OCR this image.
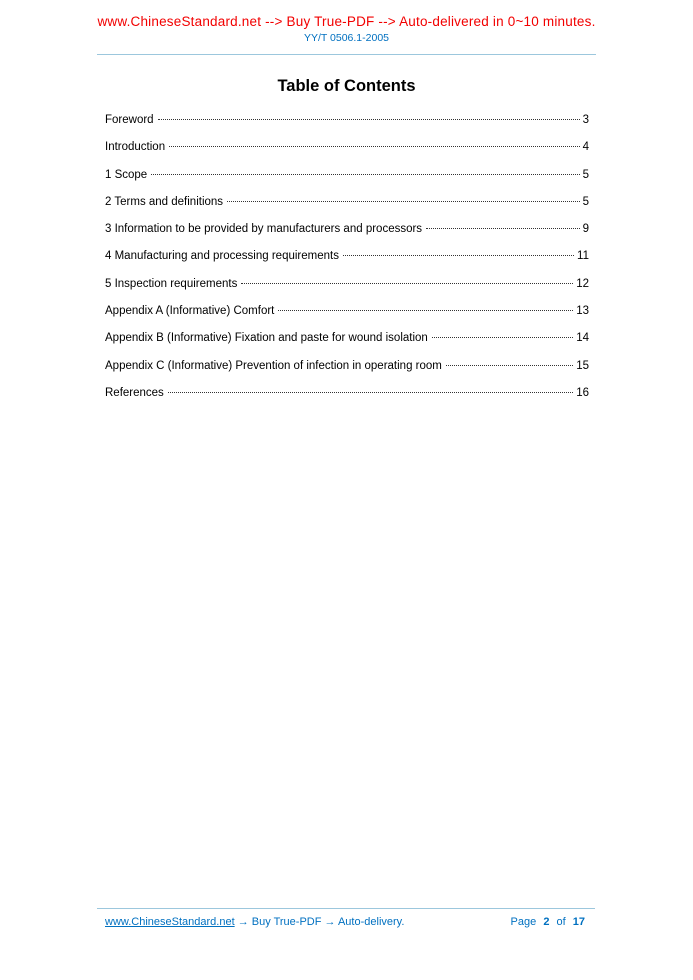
www.ChineseStandard.net --> Buy True-PDF --> Auto-delivered in 0~10 minutes.
YY/T 0506.1-2005
Table of Contents
Foreword	3
Introduction	4
1 Scope	5
2 Terms and definitions	5
3 Information to be provided by manufacturers and processors	9
4 Manufacturing and processing requirements	11
5 Inspection requirements	12
Appendix A (Informative) Comfort	13
Appendix B (Informative) Fixation and paste for wound isolation	14
Appendix C (Informative) Prevention of infection in operating room	15
References	16
www.ChineseStandard.net → Buy True-PDF → Auto-delivery.	Page 2 of 17
